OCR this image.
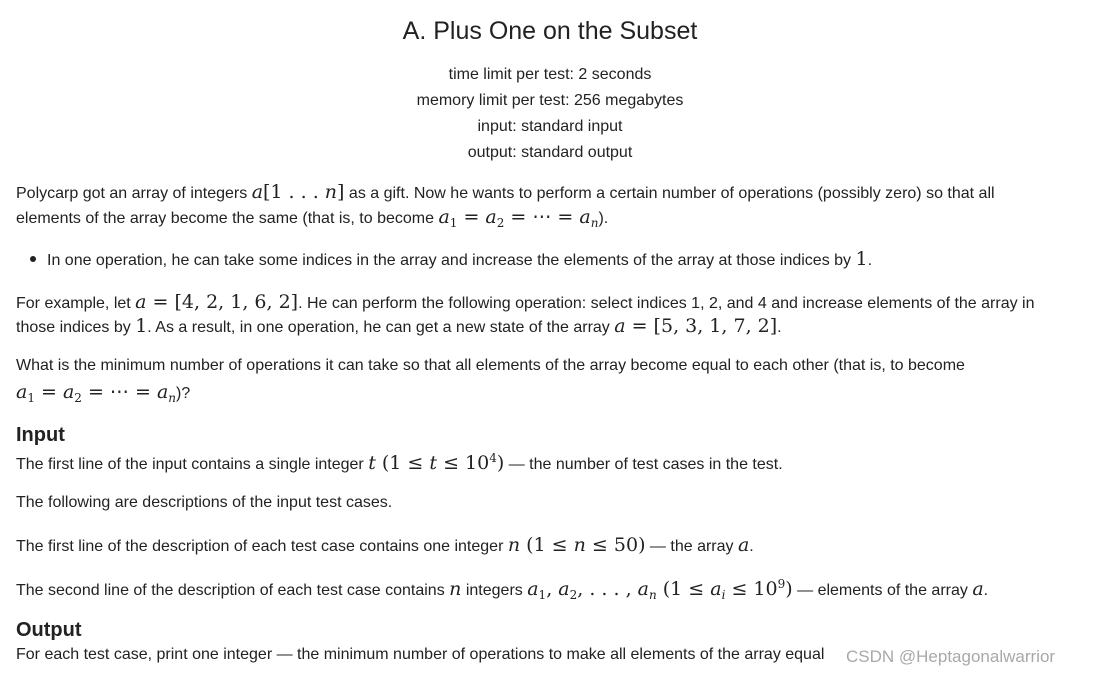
A. Plus One on the Subset
time limit per test: 2 seconds
memory limit per test: 256 megabytes
input: standard input
output: standard output
Polycarp got an array of integers a[1 . . . n] as a gift. Now he wants to perform a certain number of operations (possibly zero) so that all
elements of the array become the same (that is, to become $a_1 = a_2$ = ⋯ = $a_n$).
In one operation, he can take some indices in the array and increase the elements of the array at those indices by 1.
For example, let a = [4, 2, 1, 6, 2]. He can perform the following operation: select indices 1, 2, and 4 and increase elements of the array in
those indices by 1. As a result, in one operation, he can get a new state of the array a = [5, 3, 1, 7, 2].
What is the minimum number of operations it can take so that all elements of the array become equal to each other (that is, to become
$a_1 = a_2$ = ⋯ = $a_n$)?
Input
The first line of the input contains a single integer t $(1 \le t \le 10^4)$ — the number of test cases in the test.
The following are descriptions of the input test cases.
The first line of the description of each test case contains one integer n (1 ≤ n ≤ 50) — the array a.
The second line of the description of each test case contains n integers $a_1$, $a_2$, . . . , $a_n$ $(1 \le a_i \le 10^9)$ — elements of the array a.
Output
For each test case, print one integer — the minimum number of operations to make all elements of the array equal CSDN @Heptagonalwarrior
